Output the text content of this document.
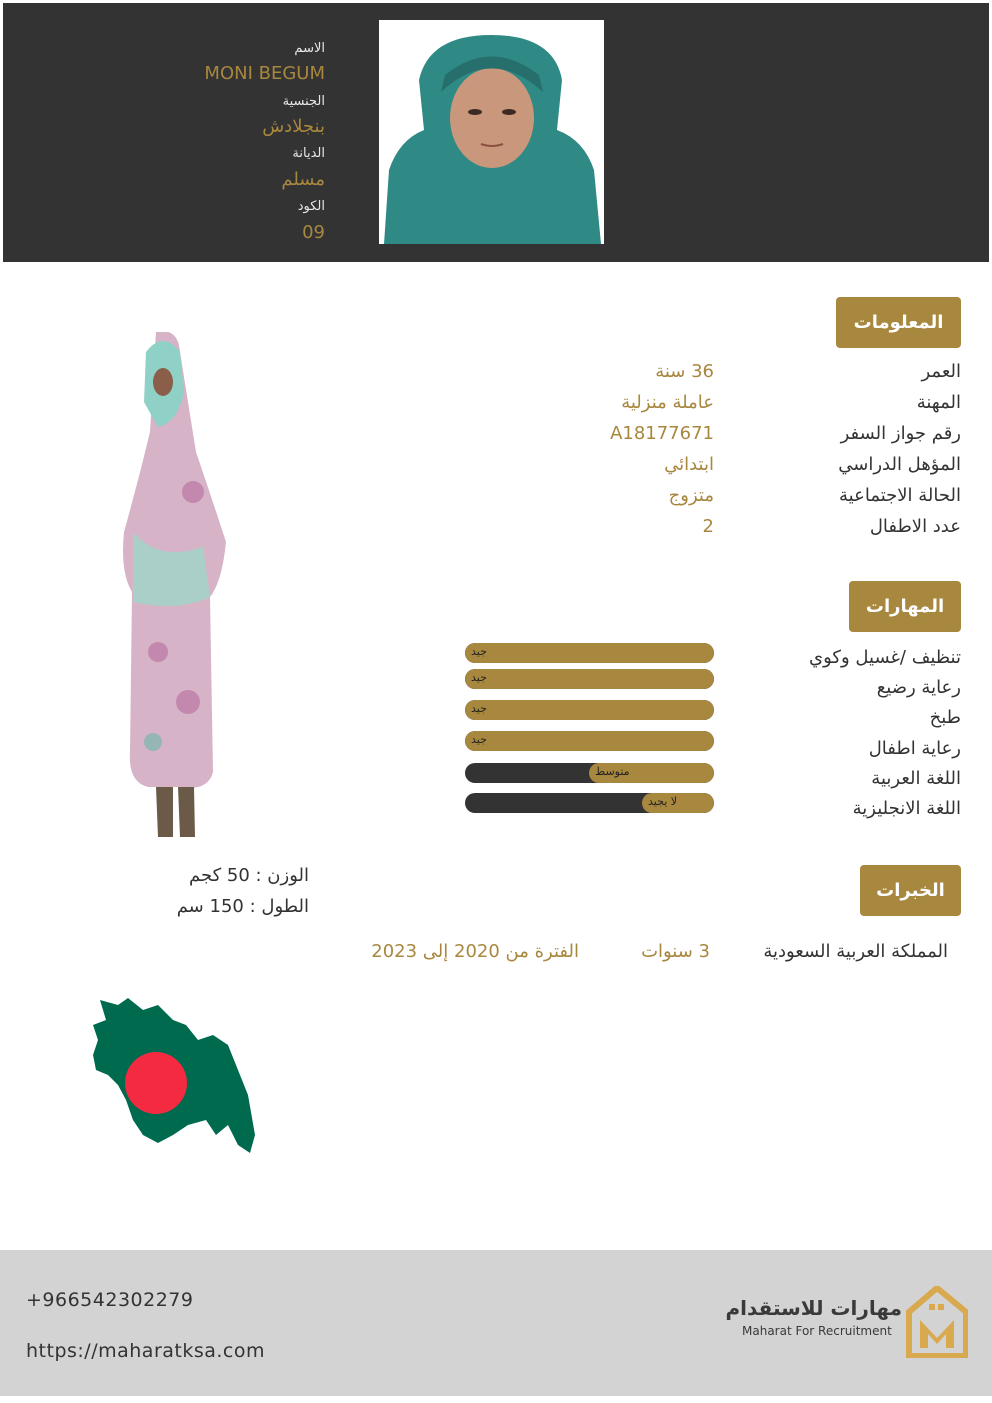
الاسم
MONI BEGUM
الجنسية
بنجلادش
الديانة
مسلم
الكود
09
المعلومات
العمر
36 سنة
المهنة
عاملة منزلية
رقم جواز السفر
A18177671
المؤهل الدراسي
ابتدائي
الحالة الاجتماعية
متزوج
عدد الاطفال
2
المهارات
تنظيف /غسيل وكوي
رعاية رضيع
طبخ
رعاية اطفال
اللغة العربية
اللغة الانجليزية
جيد
جيد
جيد
جيد
متوسط
لا يجيد
الوزن : 50 كجم
الطول : 150 سم
الخبرات
المملكة العربية السعودية
3 سنوات
الفترة من 2020 إلى 2023
+966542302279
https://maharatksa.com
مهارات للاستقدام
Maharat For Recruitment
